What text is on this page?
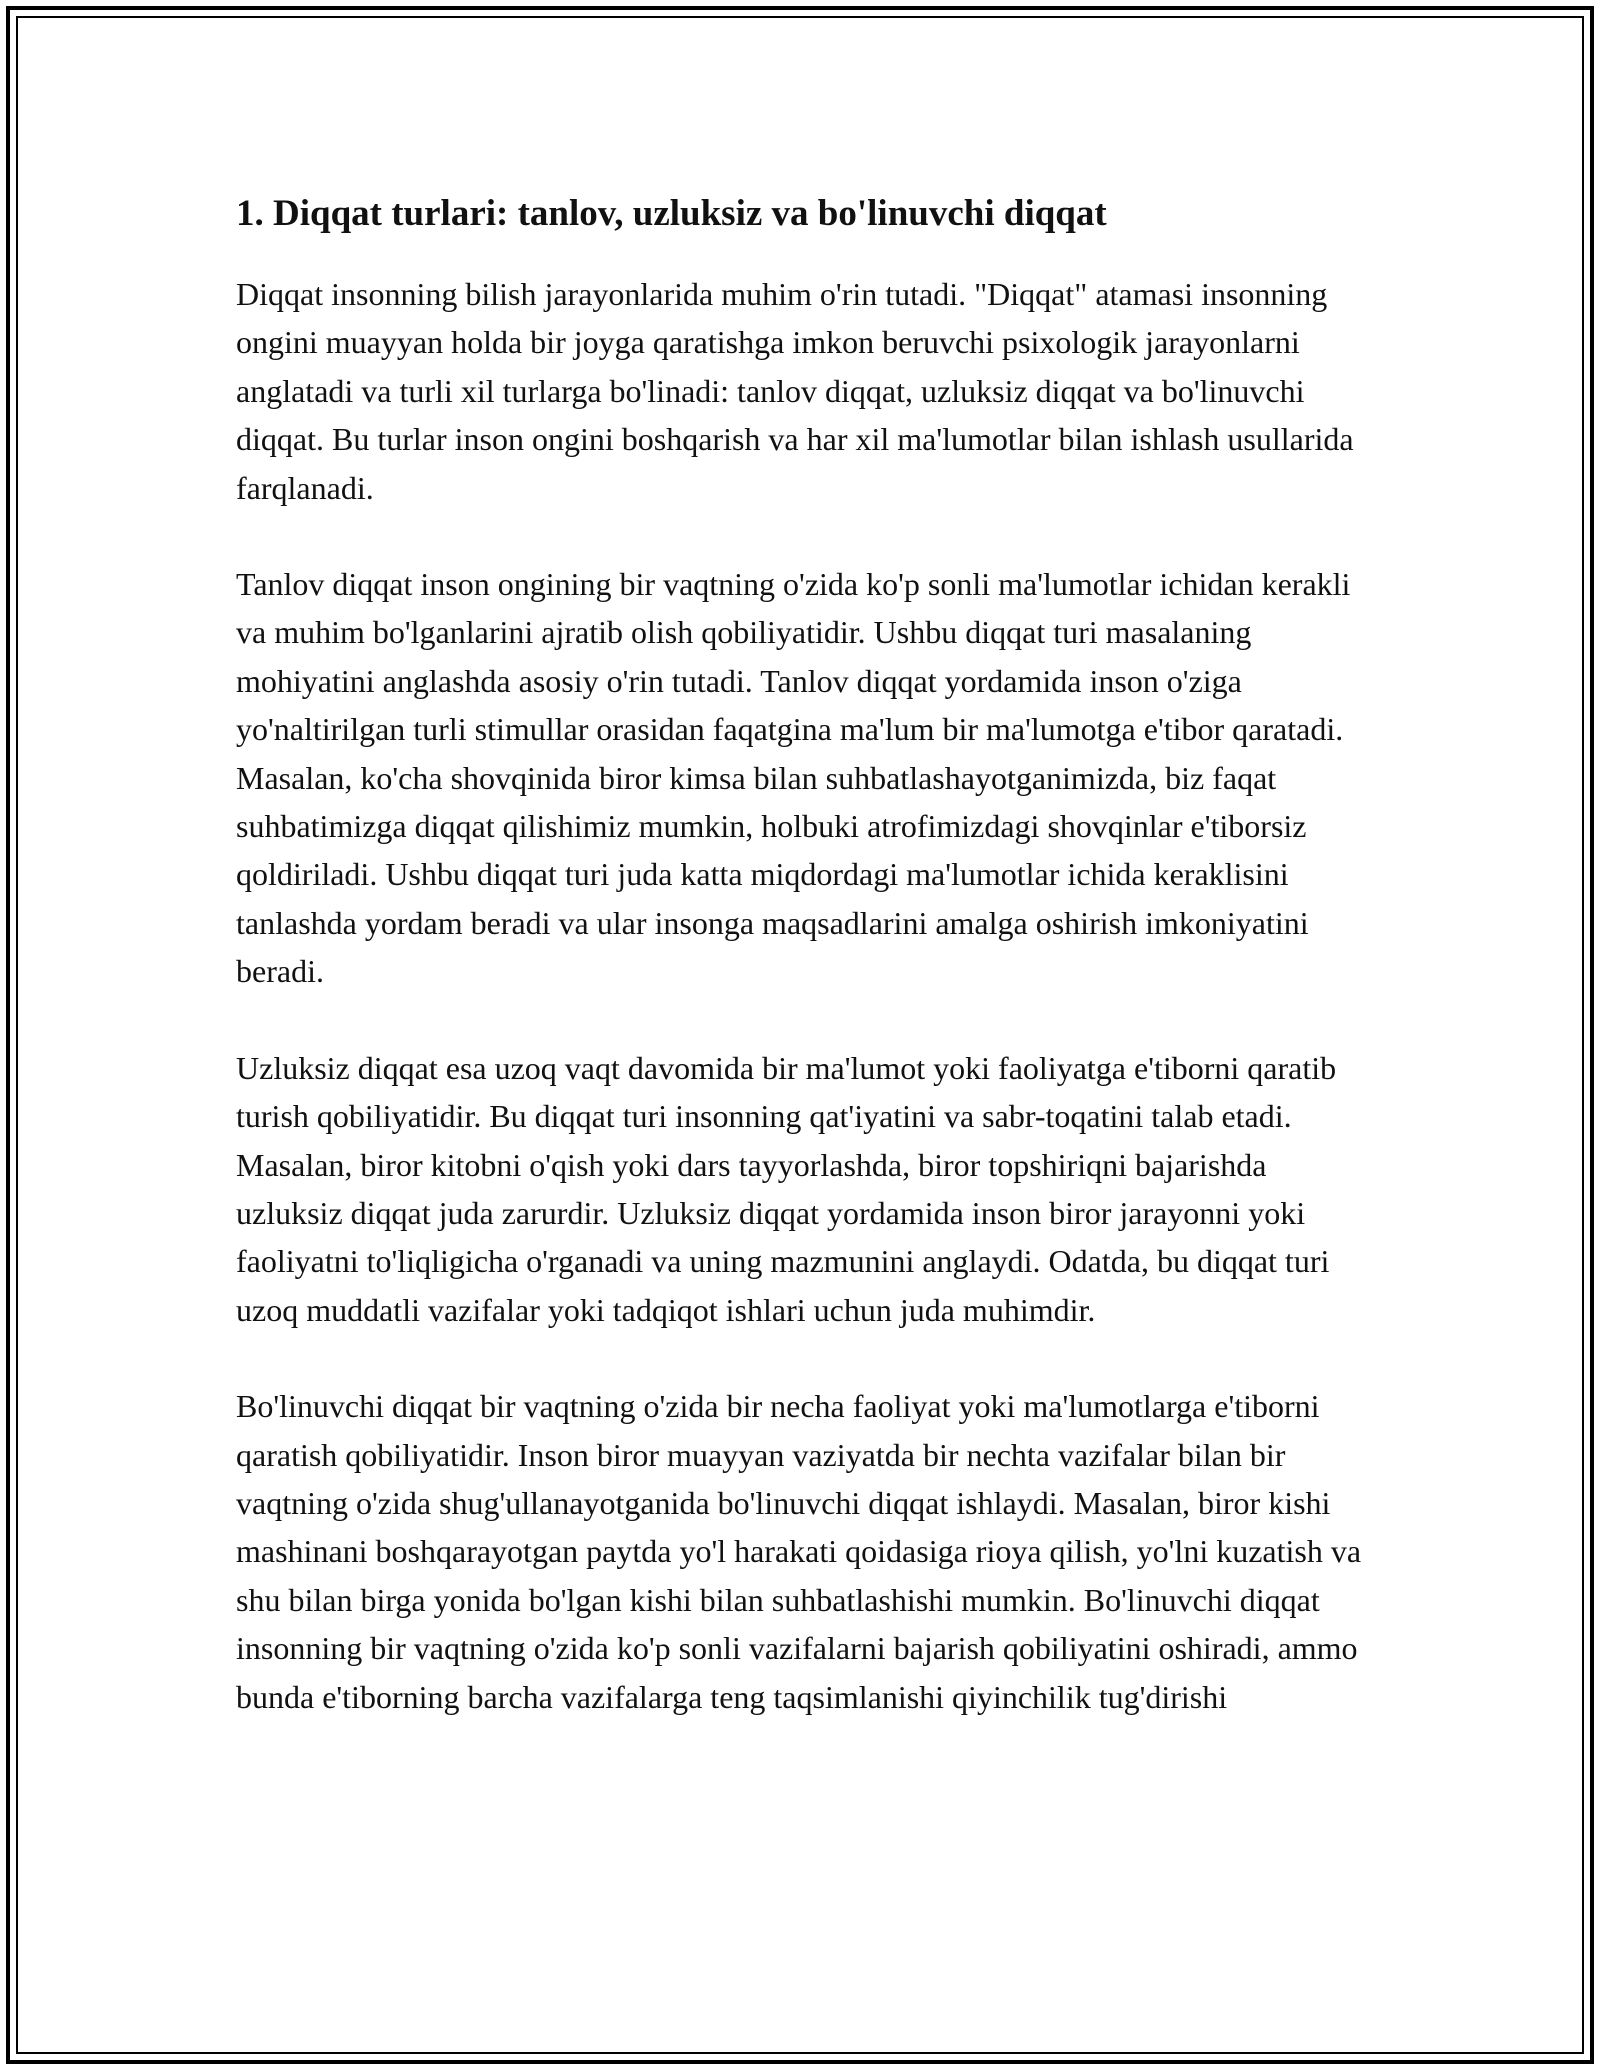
1. Diqqat turlari: tanlov, uzluksiz va bo'linuvchi diqqat

Diqqat insonning bilish jarayonlarida muhim o'rin tutadi. "Diqqat" atamasi insonning ongini muayyan holda bir joyga qaratishga imkon beruvchi psixologik jarayonlarni anglatadi va turli xil turlarga bo'linadi: tanlov diqqat, uzluksiz diqqat va bo'linuvchi diqqat. Bu turlar inson ongini boshqarish va har xil ma'lumotlar bilan ishlash usullarida farqlanadi.

Tanlov diqqat inson ongining bir vaqtning o'zida ko'p sonli ma'lumotlar ichidan kerakli va muhim bo'lganlarini ajratib olish qobiliyatidir. Ushbu diqqat turi masalaning mohiyatini anglashda asosiy o'rin tutadi. Tanlov diqqat yordamida inson o'ziga yo'naltirilgan turli stimullar orasidan faqatgina ma'lum bir ma'lumotga e'tibor qaratadi. Masalan, ko'cha shovqinida biror kimsa bilan suhbatlashayotganimizda, biz faqat suhbatimizga diqqat qilishimiz mumkin, holbuki atrofimizdagi shovqinlar e'tiborsiz qoldiriladi. Ushbu diqqat turi juda katta miqdordagi ma'lumotlar ichida keraklisini tanlashda yordam beradi va ular insonga maqsadlarini amalga oshirish imkoniyatini beradi.

Uzluksiz diqqat esa uzoq vaqt davomida bir ma'lumot yoki faoliyatga e'tiborni qaratib turish qobiliyatidir. Bu diqqat turi insonning qat'iyatini va sabr-toqatini talab etadi. Masalan, biror kitobni o'qish yoki dars tayyorlashda, biror topshiriqni bajarishda uzluksiz diqqat juda zarurdir. Uzluksiz diqqat yordamida inson biror jarayonni yoki faoliyatni to'liqligicha o'rganadi va uning mazmunini anglaydi. Odatda, bu diqqat turi uzoq muddatli vazifalar yoki tadqiqot ishlari uchun juda muhimdir.

Bo'linuvchi diqqat bir vaqtning o'zida bir necha faoliyat yoki ma'lumotlarga e'tiborni qaratish qobiliyatidir. Inson biror muayyan vaziyatda bir nechta vazifalar bilan bir vaqtning o'zida shug'ullanayotganida bo'linuvchi diqqat ishlaydi. Masalan, biror kishi mashinani boshqarayotgan paytda yo'l harakati qoidasiga rioya qilish, yo'lni kuzatish va shu bilan birga yonida bo'lgan kishi bilan suhbatlashishi mumkin. Bo'linuvchi diqqat insonning bir vaqtning o'zida ko'p sonli vazifalarni bajarish qobiliyatini oshiradi, ammo bunda e'tiborning barcha vazifalarga teng taqsimlanishi qiyinchilik tug'dirishi
